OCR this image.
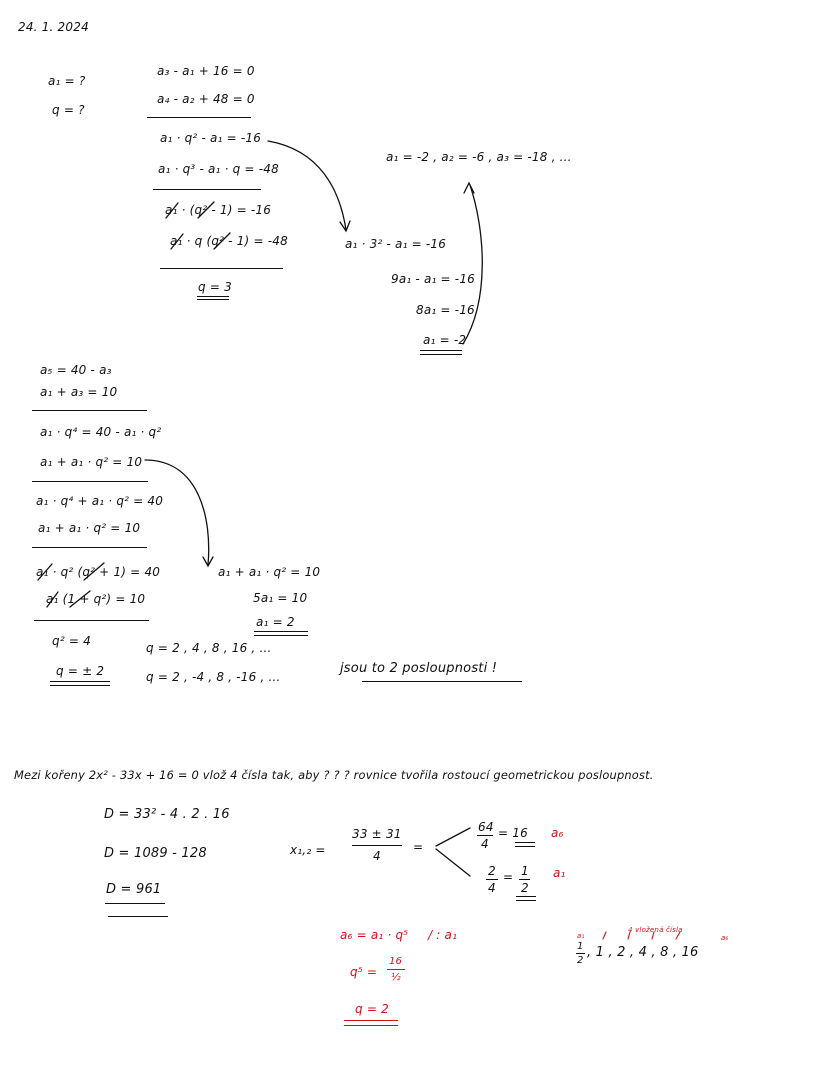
24. 1. 2024
a₁ = ?
q = ?
a₃ - a₁ + 16 = 0
a₄ - a₂ + 48 = 0
a₁ · q² - a₁ = -16
a₁ · q³ - a₁ · q = -48
a₁ · (q² - 1) = -16
a₁ · q (q² - 1) = -48
q = 3
a₁ · 3² - a₁ = -16
9a₁ - a₁ = -16
8a₁ = -16
a₁ = -2
a₁ = -2 , a₂ = -6 , a₃ = -18 , ...
a₅ = 40 - a₃
a₁ + a₃ = 10
a₁ · q⁴ = 40 - a₁ · q²
a₁ + a₁ · q² = 10
a₁ · q⁴ + a₁ · q² = 40
a₁ + a₁ · q² = 10
a₁ · q² (q² + 1) = 40
a₁ (1 + q²) = 10
q² = 4
q = ± 2
q = 2 , 4 , 8 , 16 , ...
q = 2 , -4 , 8 , -16 , ...
a₁ + a₁ · q² = 10
5a₁ = 10
a₁ = 2
jsou to 2 posloupnosti !
Mezi kořeny 2x² - 33x + 16 = 0 vlož 4 čísla tak, aby ? ? ? rovnice tvořila rostoucí geometrickou posloupnost.
D = 33² - 4 . 2 . 16
D = 1089 - 128
D = 961
x₁,₂ =
33 ± 31
4
=
64
4
= 16 a₆
2
4
= 1
2
a₁
a₆ = a₁ · q⁵ / : a₁
q⁵ =
16
½
q = 2
a₁
4 vložená čísla
a₆
1
2
, 1 , 2 , 4 , 8 , 16
